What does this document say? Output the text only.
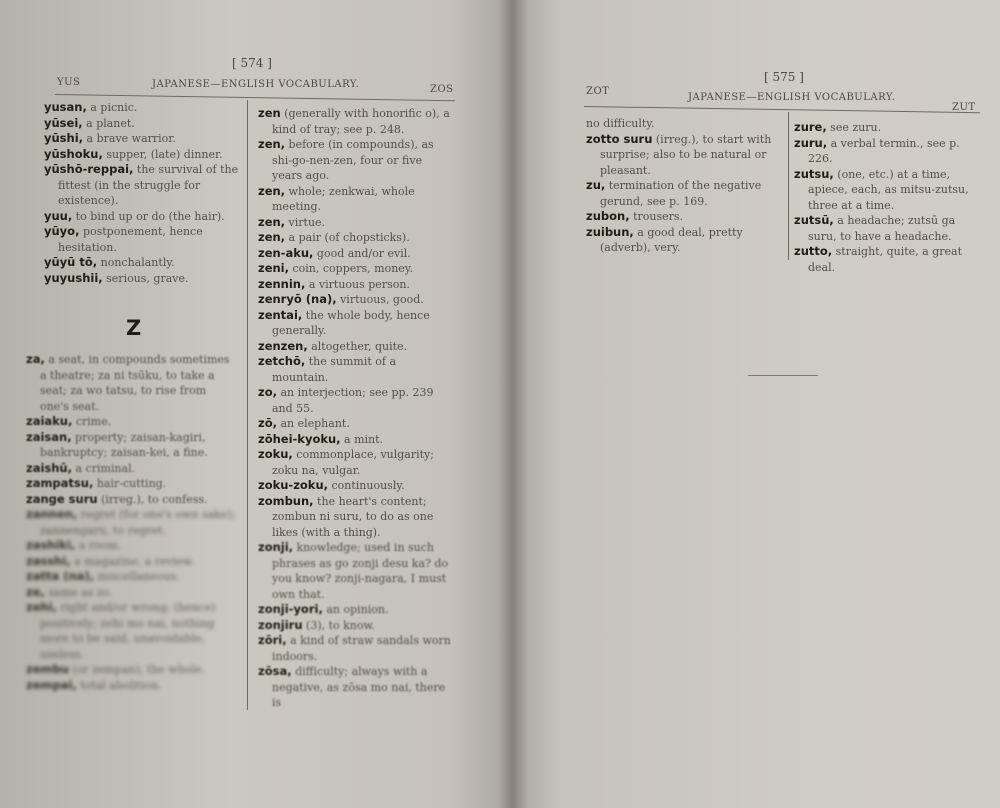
[ 574 ]
YUS	JAPANESE—ENGLISH VOCABULARY.	ZOS

yusan, a picnic.

yūsei, a planet.

yūshi, a brave warrior.

yūshoku, supper, (late) dinner.

yūshō-reppai, the survival of the fittest (in the struggle for existence).

yuu, to bind up or do (the hair).

yūyo, postponement, hence hesitation.

yūyū tō, nonchalantly.

yuyushii, serious, grave.

Z

za, a seat, in compounds sometimes a theatre; za ni tsūku, to take a seat; za wo tatsu, to rise from one's seat.

zaiaku, crime.

zaisan, property; zaisan-kagiri, bankruptcy; zaisan-kei, a fine.

zaishū, a criminal.

zampatsu, hair-cutting.

zange suru (irreg.), to confess.

zannen, regret (for one's own sake); zannengaru, to regret.

zashiki, a room.

zasshi, a magazine, a review.

zatta (na), miscellaneous.

ze, same as zo.

zehi, right and/or wrong; (hence) positively; zehi mo nai, nothing more to be said, unavoidable, useless.

zembu (or zempan), the whole.

zempai, total abolition.

zen (generally with honorific o), a kind of tray; see p. 248.

zen, before (in compounds), as shi-go-nen-zen, four or five years ago.

zen, whole; zenkwai, whole meeting.

zen, virtue.

zen, a pair (of chopsticks).

zen-aku, good and/or evil.

zeni, coin, coppers, money.

zennin, a virtuous person.

zenryō (na), virtuous, good.

zentai, the whole body, hence generally.

zenzen, altogether, quite.

zetchō, the summit of a mountain.

zo, an interjection; see pp. 239 and 55.

zō, an elephant.

zōhei-kyoku, a mint.

zoku, commonplace, vulgarity; zoku na, vulgar.

zoku-zoku, continuously.

zombun, the heart's content; zombun ni suru, to do as one likes (with a thing).

zonji, knowledge; used in such phrases as go zonji desu ka? do you know? zonji-nagara, I must own that.

zonji-yori, an opinion.

zonjiru (3), to know.

zōri, a kind of straw sandals worn indoors.

zōsa, difficulty; always with a negative, as zōsa mo nai, there is

[ 575 ]
ZOT
JAPANESE—ENGLISH VOCABULARY.
ZUT

no difficulty.

zotto suru (irreg.), to start with surprise; also to be natural or pleasant.

zu, termination of the negative gerund, see p. 169.

zubon, trousers.

zuibun, a good deal, pretty (adverb), very.

zure, see zuru.

zuru, a verbal termin., see p. 226.

zutsu, (one, etc.) at a time, apiece, each, as mitsu-zutsu, three at a time.

zutsū, a headache; zutsū ga suru, to have a headache.

zutto, straight, quite, a great deal.
